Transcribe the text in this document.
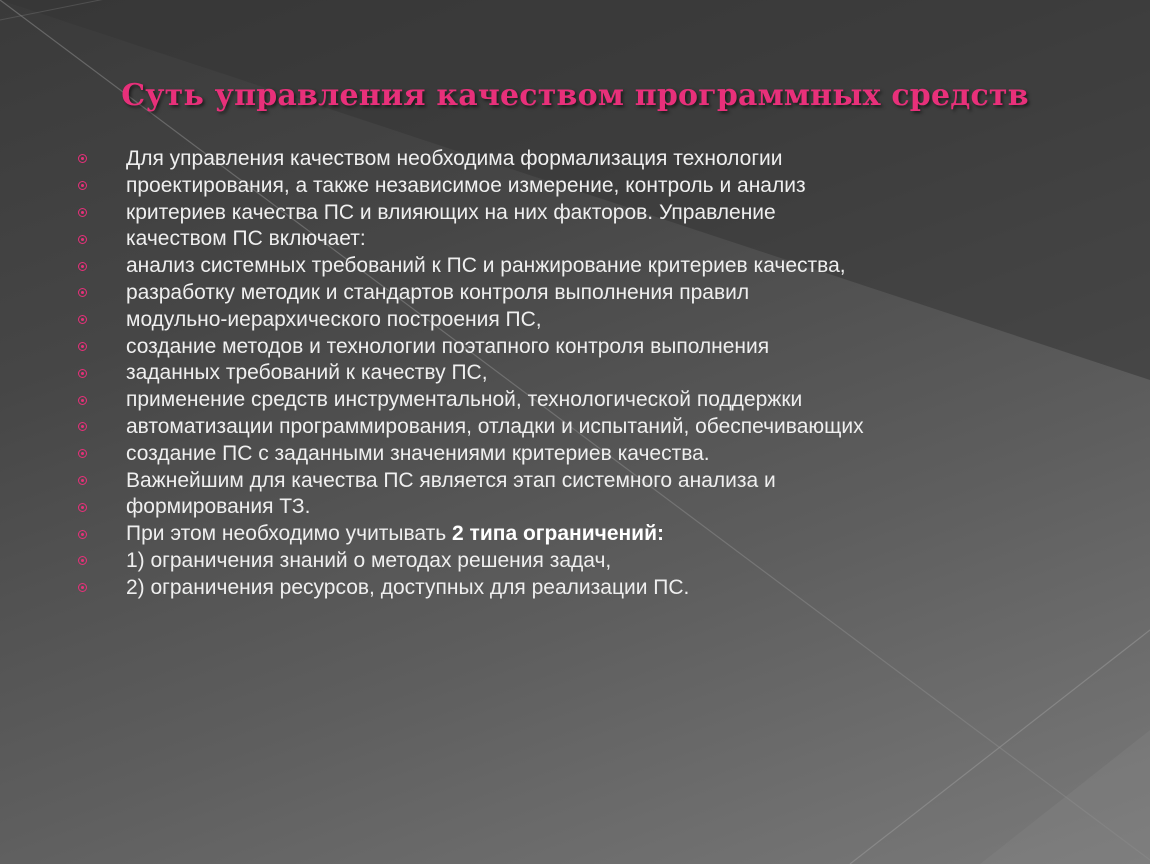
Суть управления качеством программных средств
Для управления качеством необходима формализация технологии
проектирования, а также независимое измерение, контроль и анализ
критериев качества ПС и влияющих на них факторов. Управление
качеством ПС включает:
анализ системных требований к ПС и ранжирование критериев качества,
разработку методик и стандартов контроля выполнения правил
модульно-иерархического построения ПС,
создание методов и технологии поэтапного контроля выполнения
заданных требований к качеству ПС,
применение средств инструментальной, технологической поддержки
автоматизации программирования, отладки и испытаний, обеспечивающих
создание ПС с заданными значениями критериев качества.
Важнейшим для качества ПС является этап системного анализа и
формирования ТЗ.
При этом необходимо учитывать 2 типа ограничений:
1) ограничения знаний о методах решения задач,
2) ограничения ресурсов, доступных для реализации ПС.
